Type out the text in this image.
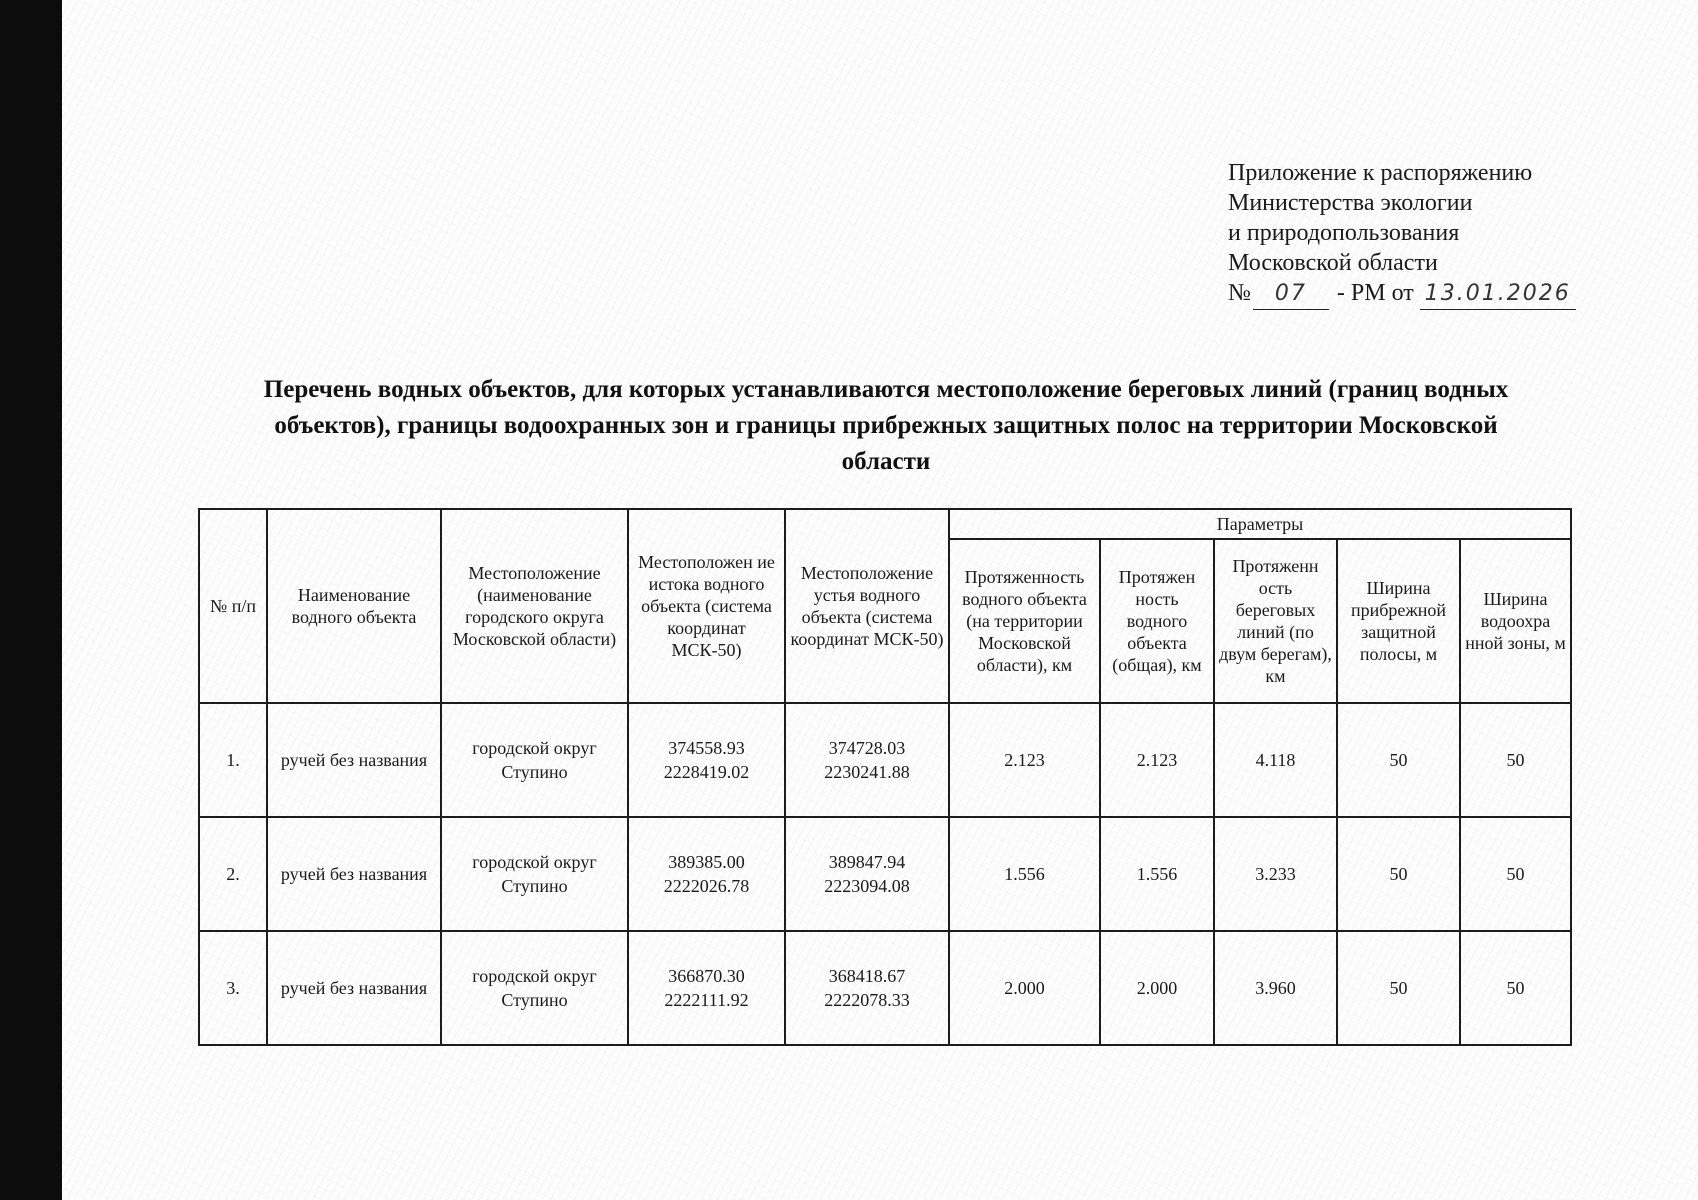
Приложение к распоряжению
Министерства экологии
и природопользования
Московской области
№	07	- РМ от 13.01.2026
Перечень водных объектов, для которых устанавливаются местоположение береговых линий (границ водных
объектов), границы водоохранных зон и границы прибрежных защитных полос на территории Московской
области
№ п/п	Наименование водного объекта	Местоположение (наименование городского округа Московской области)	Местоположен ие истока водного объекта (система координат МСК-50)	Местоположение устья водного объекта (система координат МСК-50)	Параметры				
					Протяженность водного объекта (на территории Московской области), км	Протяжен ность водного объекта (общая), км	Протяженн ость береговых линий (по двум берегам), км	Ширина прибрежной защитной полосы, м	Ширина водоохра нной зоны, м
1.	ручей без названия	городской округ Ступино	374558.93 2228419.02	374728.03 2230241.88	2.123	2.123	4.118	50	50
2.	ручей без названия	городской округ Ступино	389385.00 2222026.78	389847.94 2223094.08	1.556	1.556	3.233	50	50
3.	ручей без названия	городской округ Ступино	366870.30 2222111.92	368418.67 2222078.33	2.000	2.000	3.960	50	50
